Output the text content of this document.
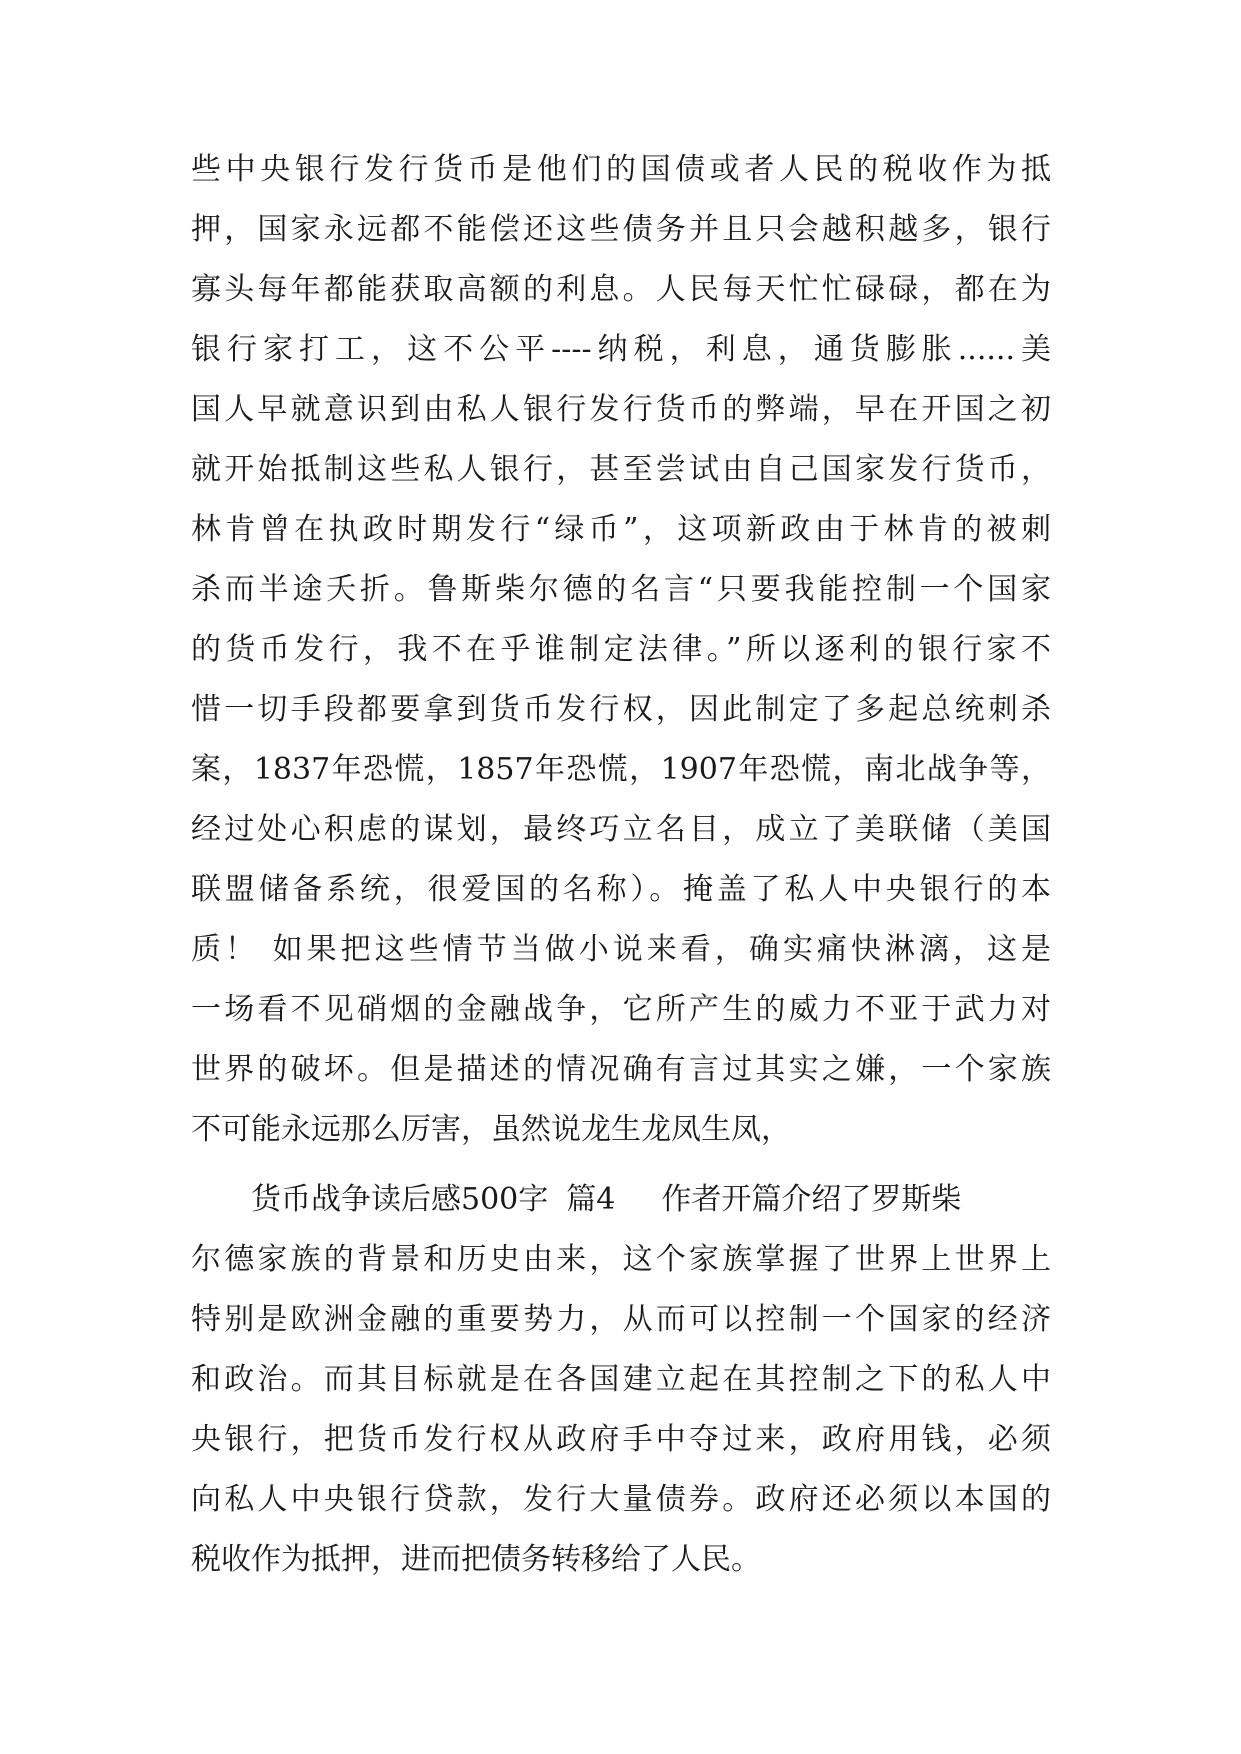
些中央银行发行货币是他们的国债或者人民的税收作为抵
押，国家永远都不能偿还这些债务并且只会越积越多，银行
寡头每年都能获取高额的利息。人民每天忙忙碌碌，都在为
银行家打工，这不公平----纳税，利息，通货膨胀......美
国人早就意识到由私人银行发行货币的弊端，早在开国之初
就开始抵制这些私人银行，甚至尝试由自己国家发行货币，
林肯曾在执政时期发行“绿币”，这项新政由于林肯的被刺
杀而半途夭折。鲁斯柴尔德的名言“只要我能控制一个国家
的货币发行，我不在乎谁制定法律。”所以逐利的银行家不
惜一切手段都要拿到货币发行权，因此制定了多起总统刺杀
案，1837年恐慌，1857年恐慌，1907年恐慌，南北战争等，
经过处心积虑的谋划，最终巧立名目，成立了美联储（美国
联盟储备系统，很爱国的名称）。掩盖了私人中央银行的本
质！ 如果把这些情节当做小说来看，确实痛快淋漓，这是
一场看不见硝烟的金融战争，它所产生的威力不亚于武力对
世界的破坏。但是描述的情况确有言过其实之嫌，一个家族
不可能永远那么厉害，虽然说龙生龙凤生凤，
货币战争读后感500字 篇4 作者开篇介绍了罗斯柴
尔德家族的背景和历史由来，这个家族掌握了世界上世界上
特别是欧洲金融的重要势力，从而可以控制一个国家的经济
和政治。而其目标就是在各国建立起在其控制之下的私人中
央银行，把货币发行权从政府手中夺过来，政府用钱，必须
向私人中央银行贷款，发行大量债券。政府还必须以本国的
税收作为抵押，进而把债务转移给了人民。
